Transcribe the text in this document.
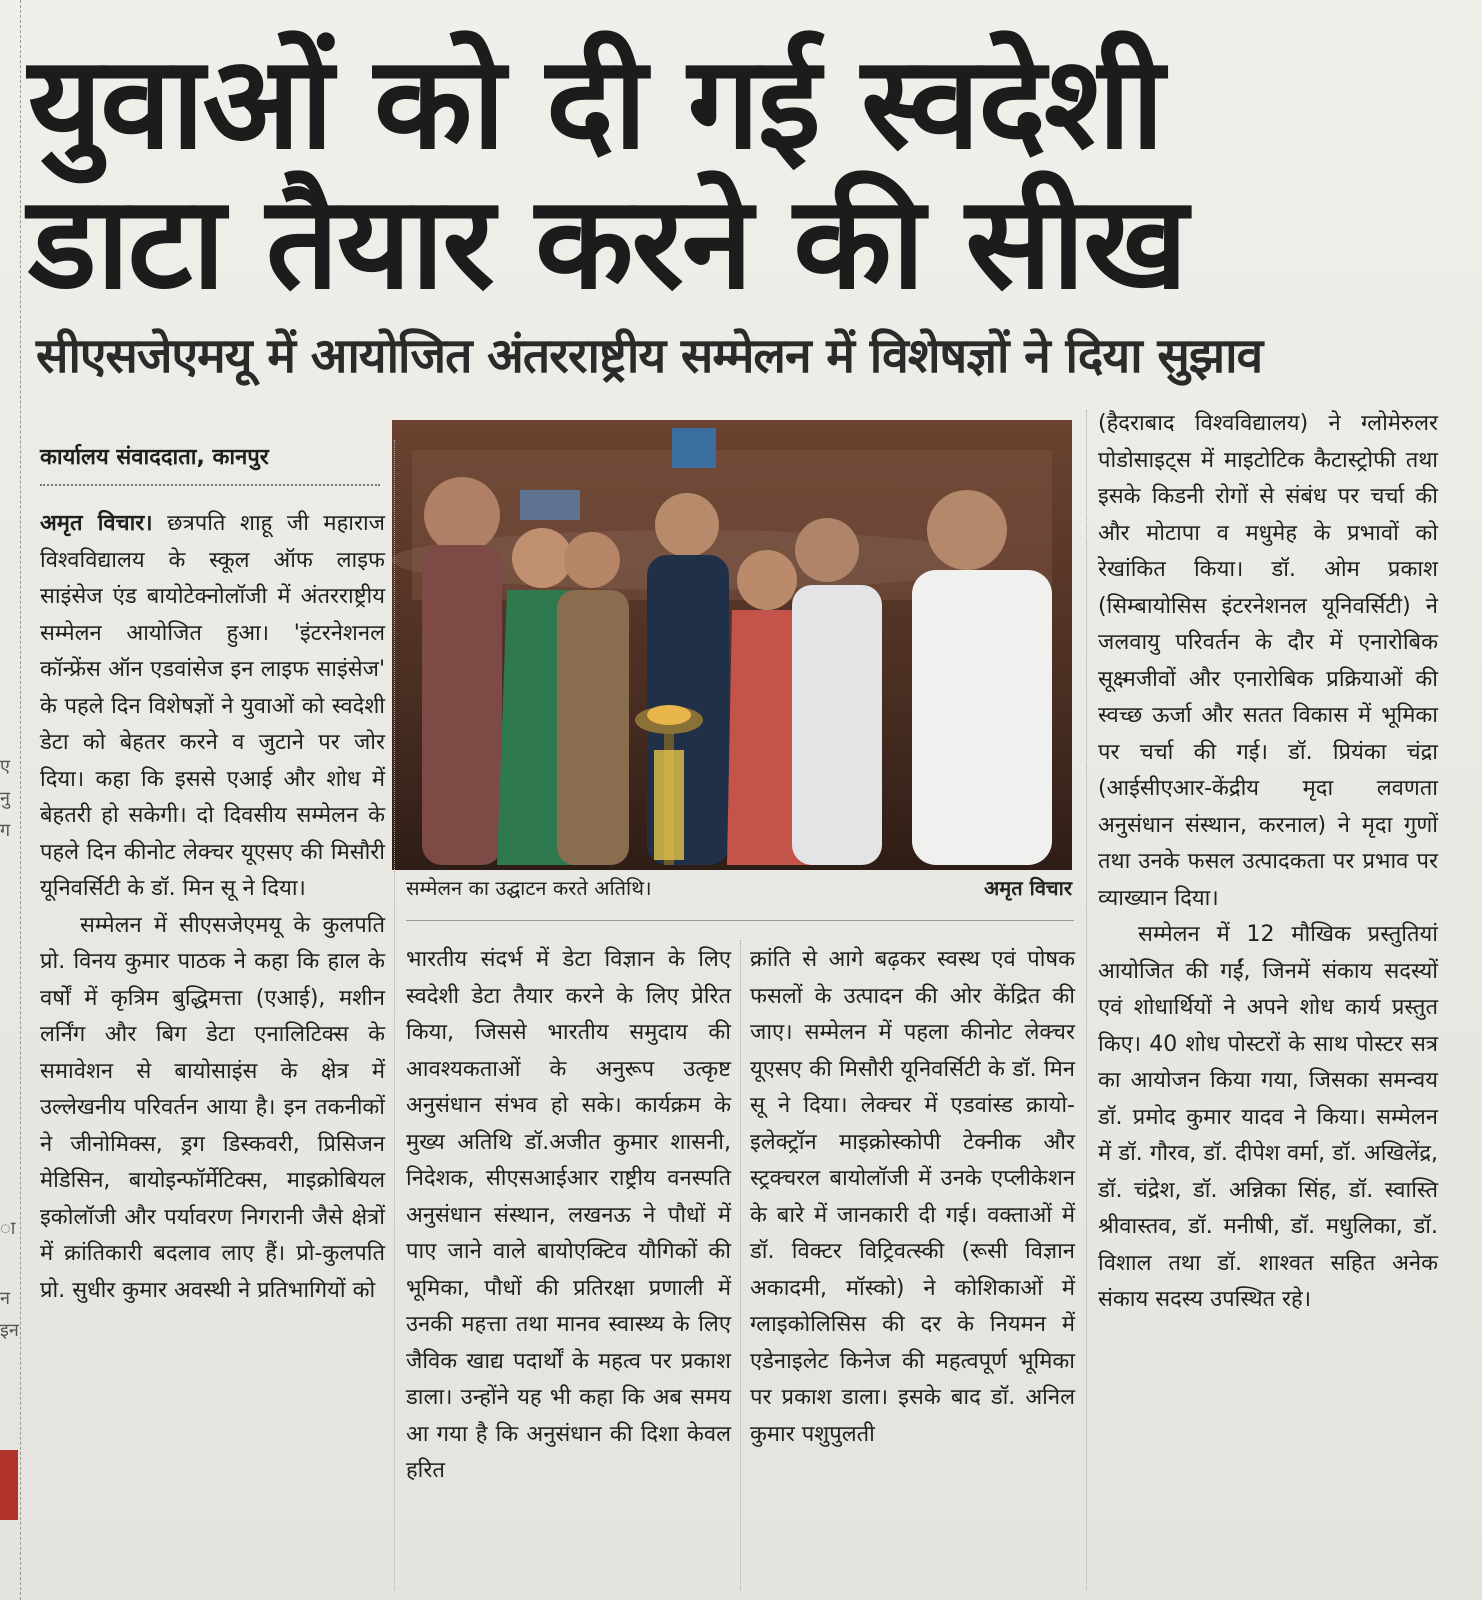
ए
नु
ग
ा
न
इन
युवाओं को दी गई स्वदेशी
डाटा तैयार करने की सीख
सीएसजेएमयू में आयोजित अंतरराष्ट्रीय सम्मेलन में विशेषज्ञों ने दिया सुझाव
कार्यालय संवाददाता, कानपुर

अमृत विचार। छत्रपति शाहू जी महाराज विश्वविद्यालय के स्कूल ऑफ लाइफ साइंसेज एंड बायोटेक्नोलॉजी में अंतरराष्ट्रीय सम्मेलन आयोजित हुआ। 'इंटरनेशनल कॉन्फ्रेंस ऑन एडवांसेज इन लाइफ साइंसेज' के पहले दिन विशेषज्ञों ने युवाओं को स्वदेशी डेटा को बेहतर करने व जुटाने पर जोर दिया। कहा कि इससे एआई और शोध में बेहतरी हो सकेगी। दो दिवसीय सम्मेलन के पहले दिन कीनोट लेक्चर यूएसए की मिसौरी यूनिवर्सिटी के डॉ. मिन सू ने दिया।

सम्मेलन में सीएसजेएमयू के कुलपति प्रो. विनय कुमार पाठक ने कहा कि हाल के वर्षों में कृत्रिम बुद्धिमत्ता (एआई), मशीन लर्निंग और बिग डेटा एनालिटिक्स के समावेशन से बायोसाइंस के क्षेत्र में उल्लेखनीय परिवर्तन आया है। इन तकनीकों ने जीनोमिक्स, ड्रग डिस्कवरी, प्रिसिजन मेडिसिन, बायोइन्फॉर्मेटिक्स, माइक्रोबियल इकोलॉजी और पर्यावरण निगरानी जैसे क्षेत्रों में क्रांतिकारी बदलाव लाए हैं। प्रो-कुलपति प्रो. सुधीर कुमार अवस्थी ने प्रतिभागियों को

सम्मेलन का उद्घाटन करते अतिथि।	अमृत विचार

भारतीय संदर्भ में डेटा विज्ञान के लिए स्वदेशी डेटा तैयार करने के लिए प्रेरित किया, जिससे भारतीय समुदाय की आवश्यकताओं के अनुरूप उत्कृष्ट अनुसंधान संभव हो सके। कार्यक्रम के मुख्य अतिथि डॉ.अजीत कुमार शासनी, निदेशक, सीएसआईआर राष्ट्रीय वनस्पति अनुसंधान संस्थान, लखनऊ ने पौधों में पाए जाने वाले बायोएक्टिव यौगिकों की भूमिका, पौधों की प्रतिरक्षा प्रणाली में उनकी महत्ता तथा मानव स्वास्थ्य के लिए जैविक खाद्य पदार्थों के महत्व पर प्रकाश डाला। उन्होंने यह भी कहा कि अब समय आ गया है कि अनुसंधान की दिशा केवल हरित

क्रांति से आगे बढ़कर स्वस्थ एवं पोषक फसलों के उत्पादन की ओर केंद्रित की जाए। सम्मेलन में पहला कीनोट लेक्चर यूएसए की मिसौरी यूनिवर्सिटी के डॉ. मिन सू ने दिया। लेक्चर में एडवांस्ड क्रायो-इलेक्ट्रॉन माइक्रोस्कोपी टेक्नीक और स्ट्रक्चरल बायोलॉजी में उनके एप्लीकेशन के बारे में जानकारी दी गई। वक्ताओं में डॉ. विक्टर विट्रिवत्स्की (रूसी विज्ञान अकादमी, मॉस्को) ने कोशिकाओं में ग्लाइकोलिसिस की दर के नियमन में एडेनाइलेट किनेज की महत्वपूर्ण भूमिका पर प्रकाश डाला। इसके बाद डॉ. अनिल कुमार पशुपुलती

(हैदराबाद विश्वविद्यालय) ने ग्लोमेरुलर पोडोसाइट्स में माइटोटिक कैटास्ट्रोफी तथा इसके किडनी रोगों से संबंध पर चर्चा की और मोटापा व मधुमेह के प्रभावों को रेखांकित किया। डॉ. ओम प्रकाश (सिम्बायोसिस इंटरनेशनल यूनिवर्सिटी) ने जलवायु परिवर्तन के दौर में एनारोबिक सूक्ष्मजीवों और एनारोबिक प्रक्रियाओं की स्वच्छ ऊर्जा और सतत विकास में भूमिका पर चर्चा की गई। डॉ. प्रियंका चंद्रा (आईसीएआर-केंद्रीय मृदा लवणता अनुसंधान संस्थान, करनाल) ने मृदा गुणों तथा उनके फसल उत्पादकता पर प्रभाव पर व्याख्यान दिया।

सम्मेलन में 12 मौखिक प्रस्तुतियां आयोजित की गईं, जिनमें संकाय सदस्यों एवं शोधार्थियों ने अपने शोध कार्य प्रस्तुत किए। 40 शोध पोस्टरों के साथ पोस्टर सत्र का आयोजन किया गया, जिसका समन्वय डॉ. प्रमोद कुमार यादव ने किया। सम्मेलन में डॉ. गौरव, डॉ. दीपेश वर्मा, डॉ. अखिलेंद्र, डॉ. चंद्रेश, डॉ. अन्निका सिंह, डॉ. स्वास्ति श्रीवास्तव, डॉ. मनीषी, डॉ. मधुलिका, डॉ. विशाल तथा डॉ. शाश्वत सहित अनेक संकाय सदस्य उपस्थित रहे।
